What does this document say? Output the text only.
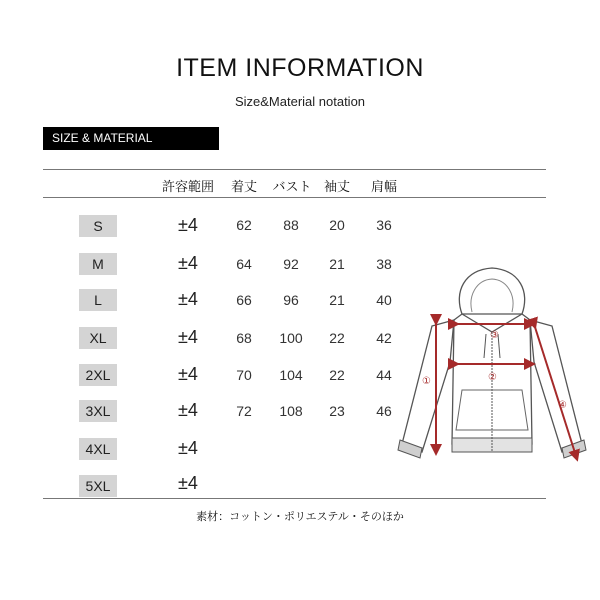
ITEM INFORMATION
Size&Material notation
SIZE & MATERIAL
許容範囲	着丈	バスト 袖丈	肩幅
S	±4	62	88	20	36
M	±4	64	92	21	38
L	±4	66	96	21	40
XL	±4	68	100	22	42
2XL	±4	70	104	22	44
3XL	±4	72	108	23	46
4XL	±4
5XL	±4
①	②
③
④
素材：コットン・ポリエステル・そのほか
